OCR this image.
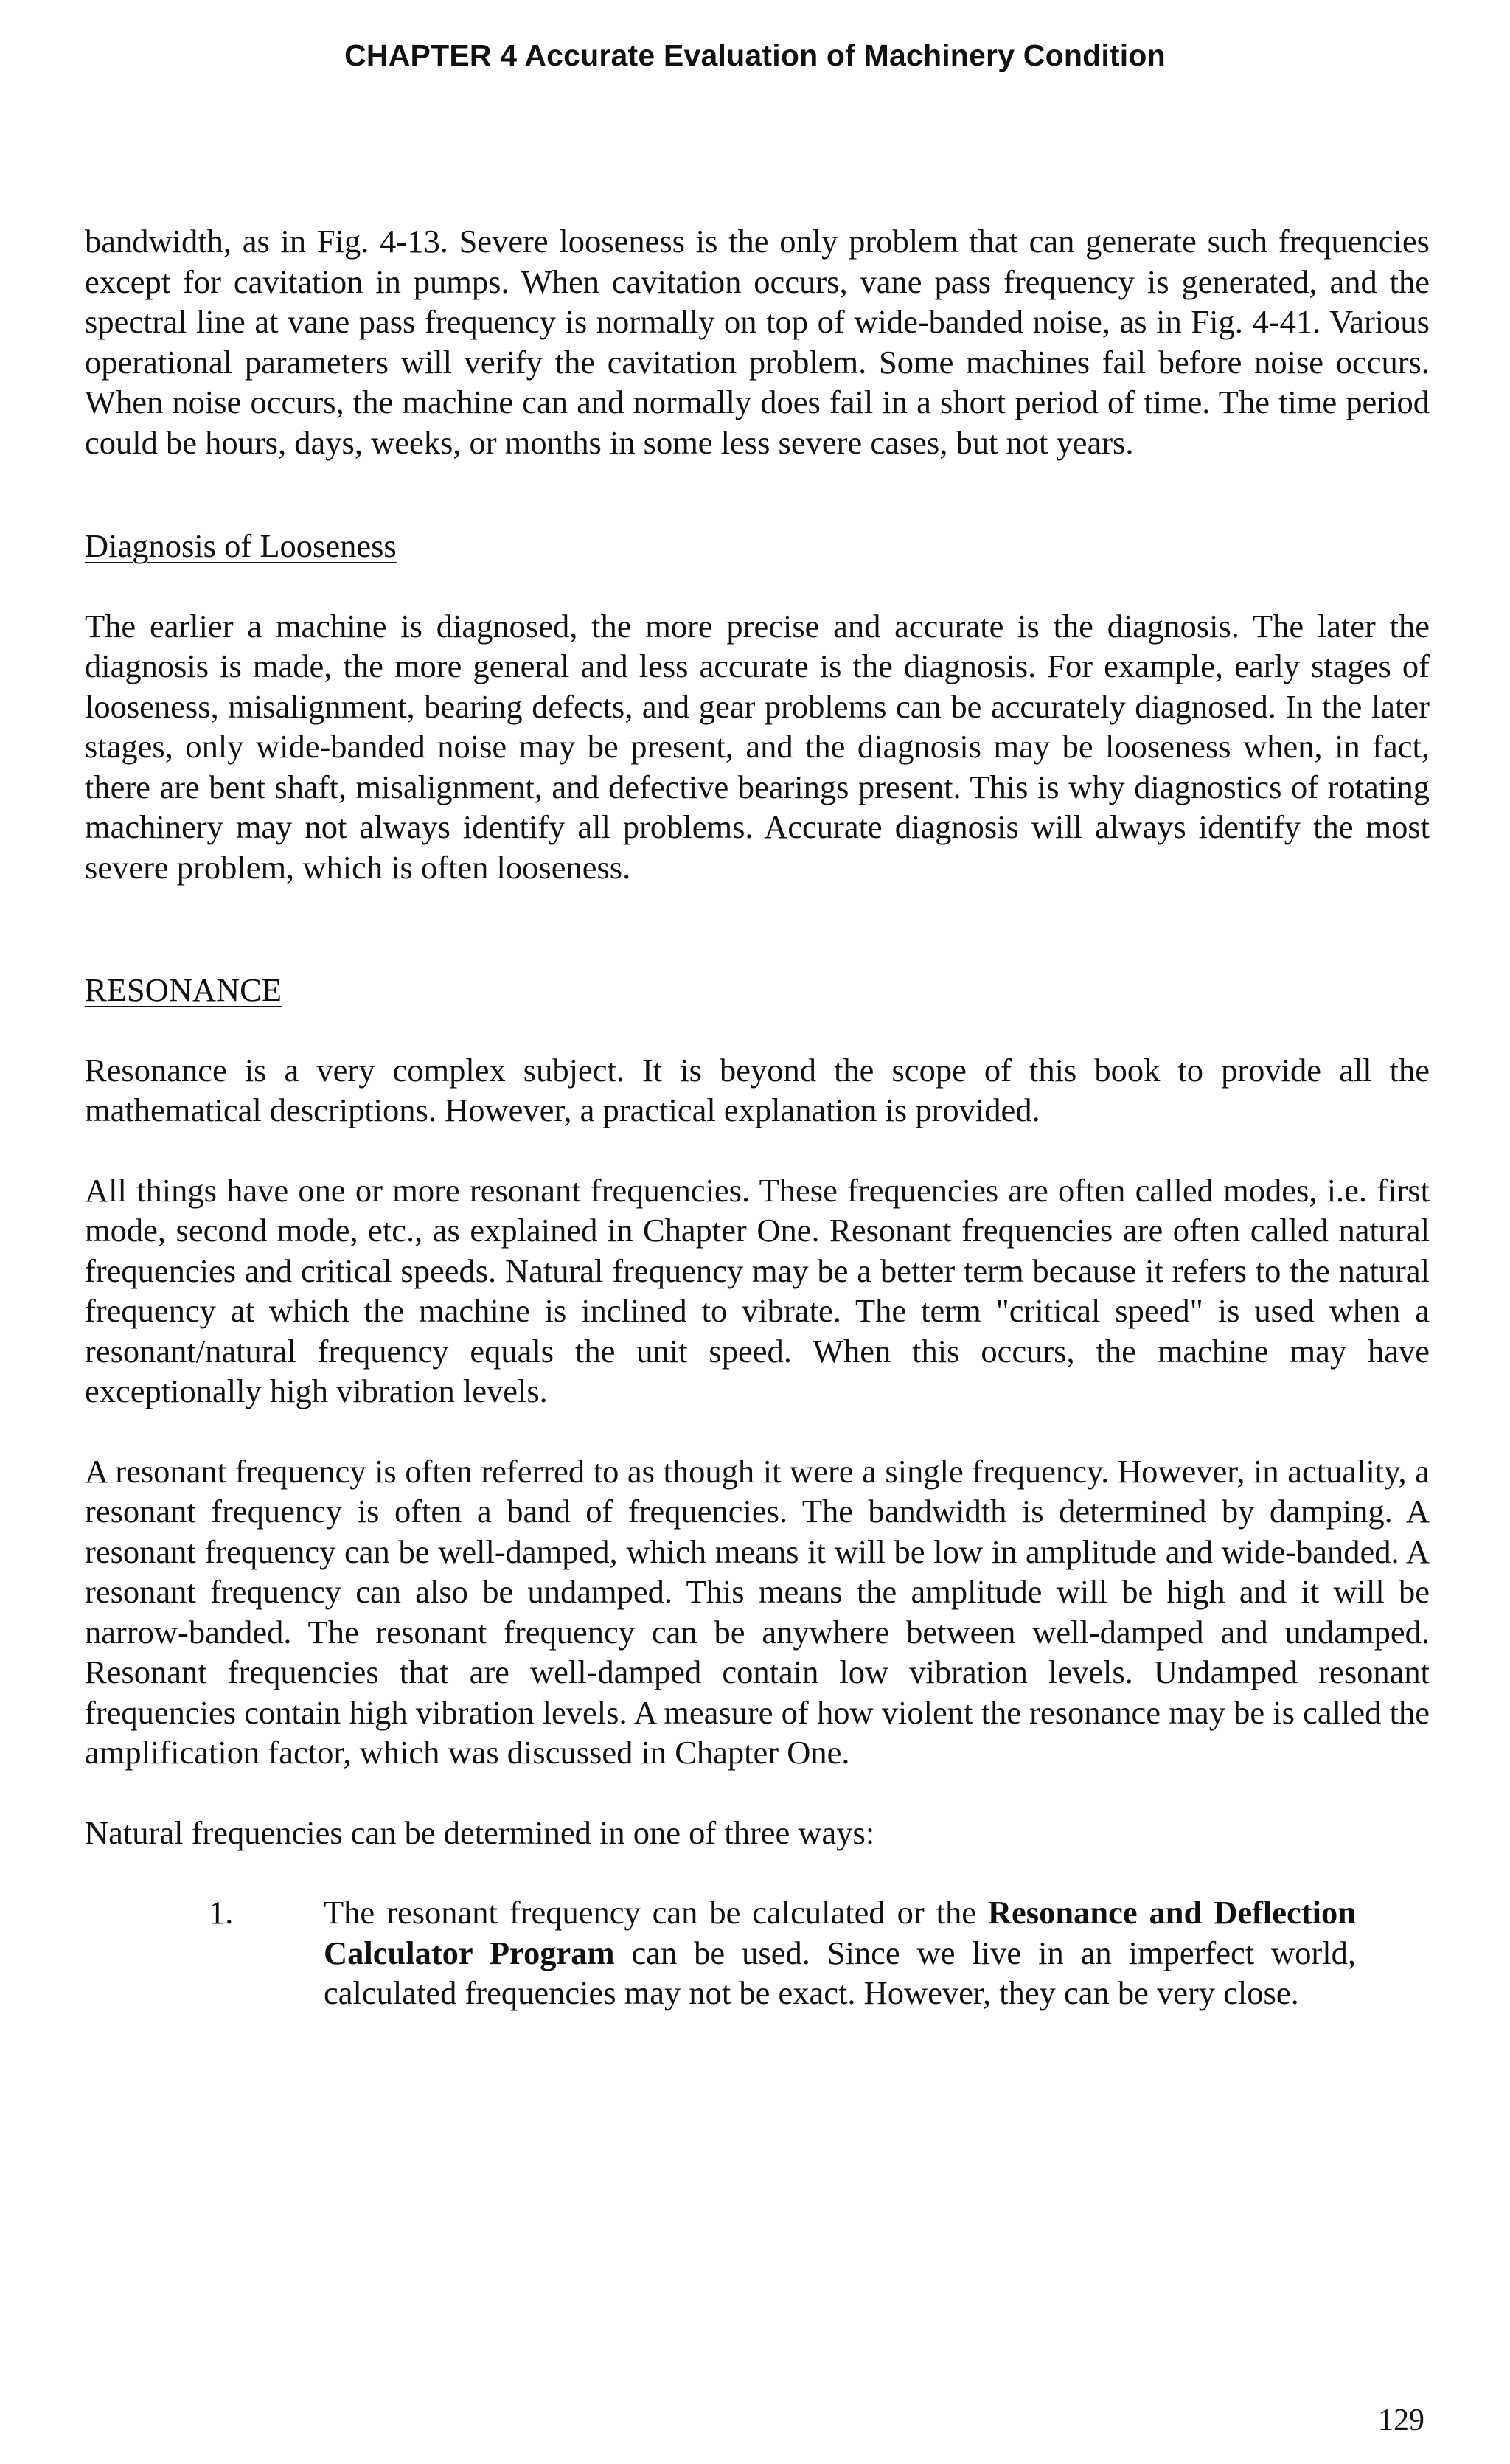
CHAPTER 4 Accurate Evaluation of Machinery Condition

bandwidth, as in Fig. 4-13. Severe looseness is the only problem that can generate such frequencies except for cavitation in pumps. When cavitation occurs, vane pass frequency is generated, and the spectral line at vane pass frequency is normally on top of wide-banded noise, as in Fig. 4-41. Various operational parameters will verify the cavitation problem. Some machines fail before noise occurs. When noise occurs, the machine can and normally does fail in a short period of time. The time period could be hours, days, weeks, or months in some less severe cases, but not years.

Diagnosis of Looseness

The earlier a machine is diagnosed, the more precise and accurate is the diagnosis. The later the diagnosis is made, the more general and less accurate is the diagnosis. For example, early stages of looseness, misalignment, bearing defects, and gear problems can be accurately diagnosed. In the later stages, only wide-banded noise may be present, and the diagnosis may be looseness when, in fact, there are bent shaft, misalignment, and defective bearings present. This is why diagnostics of rotating machinery may not always identify all problems. Accurate diagnosis will always identify the most severe problem, which is often looseness.

RESONANCE

Resonance is a very complex subject. It is beyond the scope of this book to provide all the mathematical descriptions. However, a practical explanation is provided.

All things have one or more resonant frequencies. These frequencies are often called modes, i.e. first mode, second mode, etc., as explained in Chapter One. Resonant frequencies are often called natural frequencies and critical speeds. Natural frequency may be a better term because it refers to the natural frequency at which the machine is inclined to vibrate. The term "critical speed" is used when a resonant/natural frequency equals the unit speed. When this occurs, the machine may have exceptionally high vibration levels.

A resonant frequency is often referred to as though it were a single frequency. However, in actuality, a resonant frequency is often a band of frequencies. The bandwidth is determined by damping. A resonant frequency can be well-damped, which means it will be low in amplitude and wide-banded. A resonant frequency can also be undamped. This means the amplitude will be high and it will be narrow-banded. The resonant frequency can be anywhere between well-damped and undamped. Resonant frequencies that are well-damped contain low vibration levels. Undamped resonant frequencies contain high vibration levels. A measure of how violent the resonance may be is called the amplification factor, which was discussed in Chapter One.

Natural frequencies can be determined in one of three ways:

1.	The resonant frequency can be calculated or the Resonance and Deflection Calculator Program can be used. Since we live in an imperfect world, calculated frequencies may not be exact. However, they can be very close.
129
